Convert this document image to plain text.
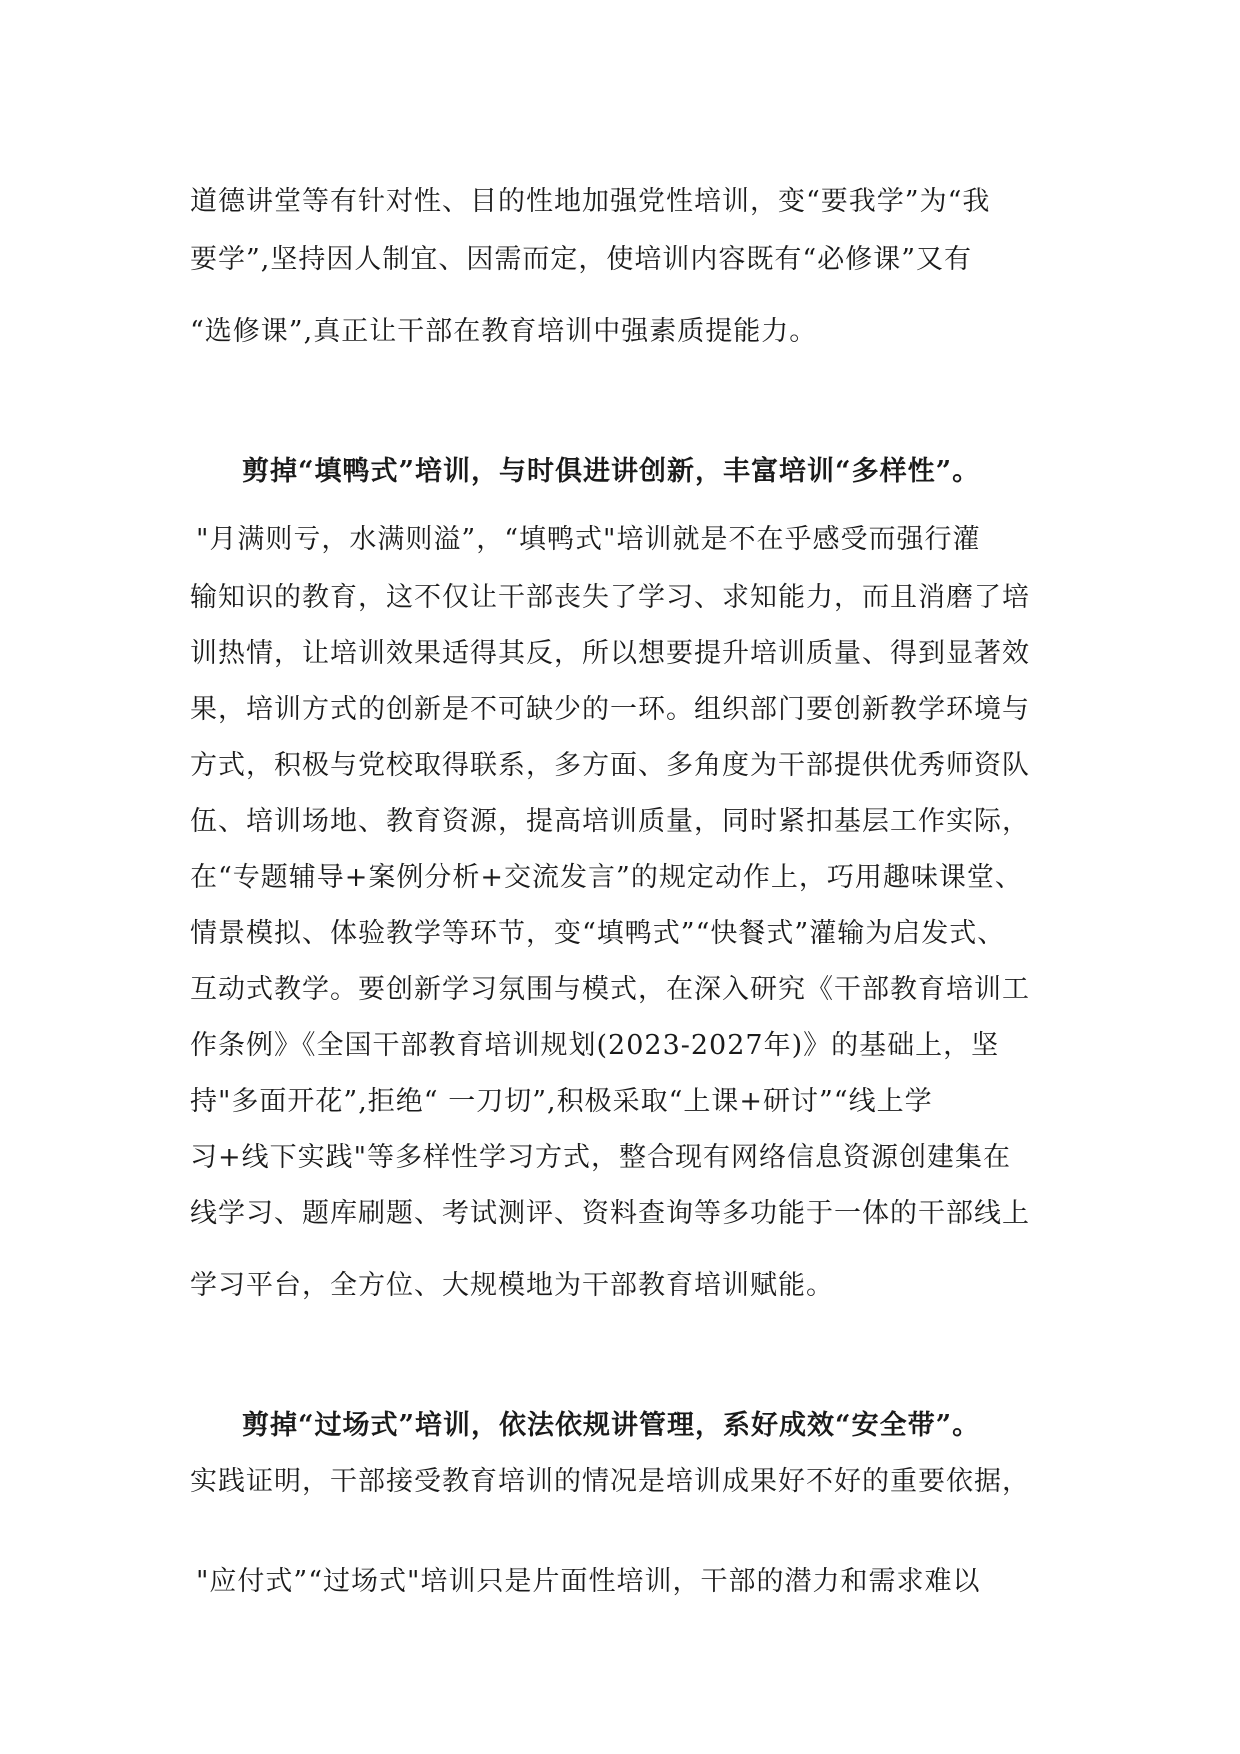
道德讲堂等有针对性、目的性地加强党性培训，变“要我学”为“我
要学”,坚持因人制宜、因需而定，使培训内容既有“必修课”又有
“选修课”,真正让干部在教育培训中强素质提能力。
剪掉“填鸭式”培训，与时俱进讲创新，丰富培训“多样性”。
"月满则亏，水满则溢”，“填鸭式"培训就是不在乎感受而强行灌
输知识的教育，这不仅让干部丧失了学习、求知能力，而且消磨了培
训热情，让培训效果适得其反，所以想要提升培训质量、得到显著效
果，培训方式的创新是不可缺少的一环。组织部门要创新教学环境与
方式，积极与党校取得联系，多方面、多角度为干部提供优秀师资队
伍、培训场地、教育资源，提高培训质量，同时紧扣基层工作实际，
在“专题辅导+案例分析+交流发言”的规定动作上，巧用趣味课堂、
情景模拟、体验教学等环节，变“填鸭式”“快餐式”灌输为启发式、
互动式教学。要创新学习氛围与模式，在深入研究《干部教育培训工
作条例》《全国干部教育培训规划(2023-2027年)》的基础上，坚
持"多面开花”,拒绝“ 一刀切”,积极采取“上课+研讨”“线上学
习+线下实践"等多样性学习方式，整合现有网络信息资源创建集在
线学习、题库刷题、考试测评、资料查询等多功能于一体的干部线上
学习平台，全方位、大规模地为干部教育培训赋能。
剪掉“过场式”培训，依法依规讲管理，系好成效“安全带”。
实践证明，干部接受教育培训的情况是培训成果好不好的重要依据，
"应付式”“过场式"培训只是片面性培训，干部的潜力和需求难以
